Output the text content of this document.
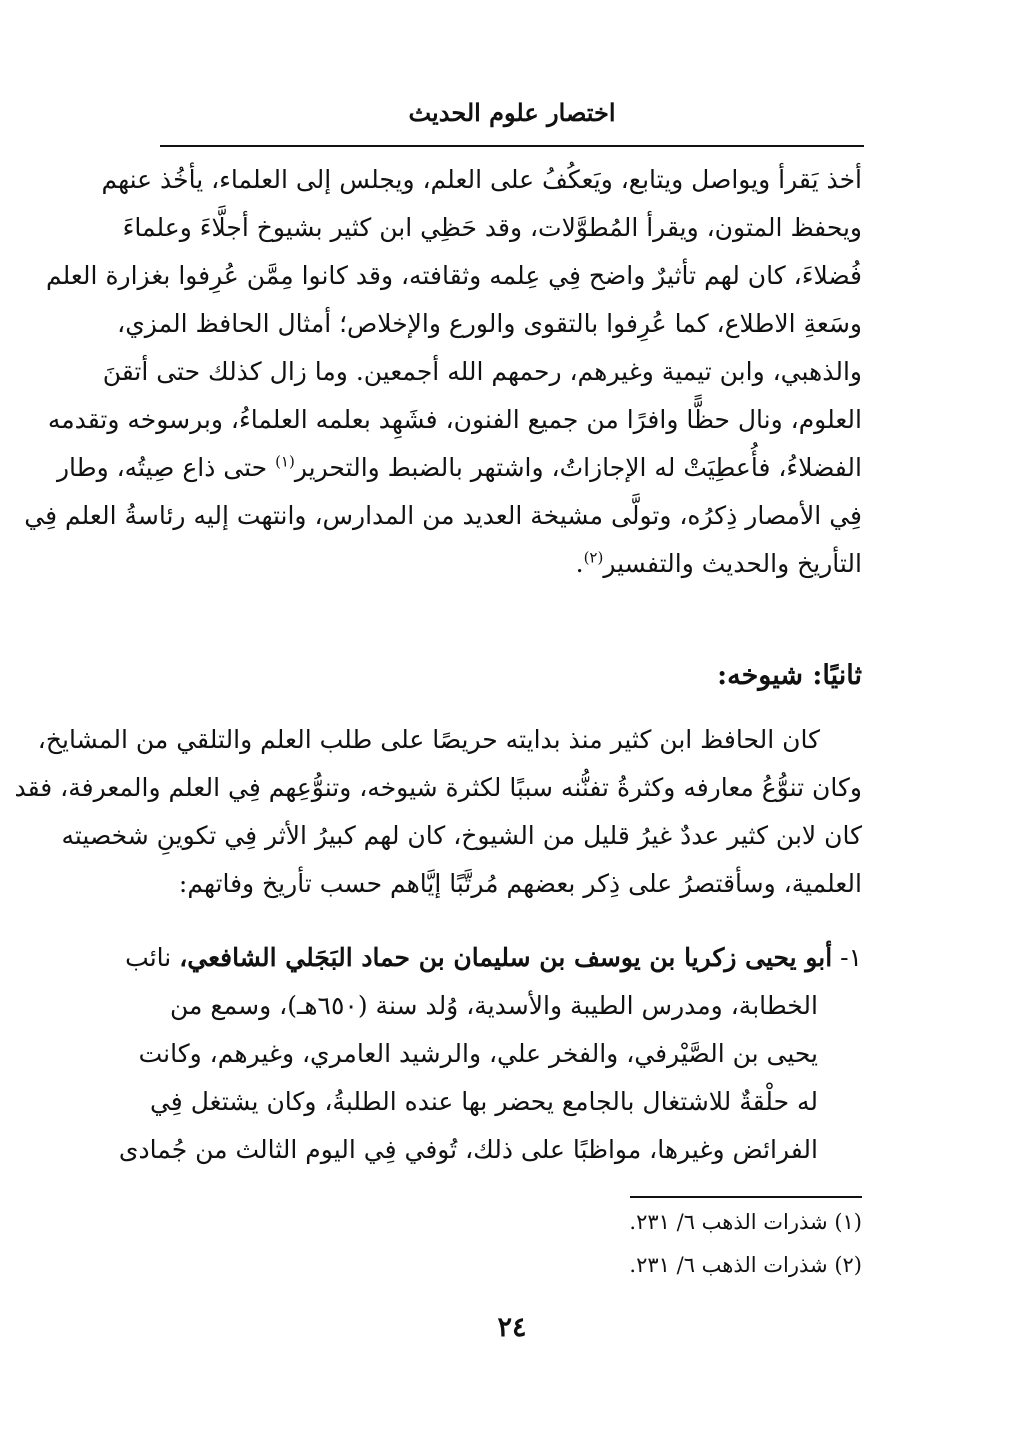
اختصار علوم الحديث
أخذ يَقرأ ويواصل ويتابع، ويَعكُفُ على العلم، ويجلس إلى العلماء، يأخُذ عنهم
ويحفظ المتون، ويقرأ المُطوَّلات، وقد حَظِي ابن كثير بشيوخ أجلَّاءَ وعلماءَ
فُضلاءَ، كان لهم تأثيرٌ واضح فِي عِلمه وثقافته، وقد كانوا مِمَّن عُرِفوا بغزارة العلم
وسَعةِ الاطلاع، كما عُرِفوا بالتقوى والورع والإخلاص؛ أمثال الحافظ المزي،
والذهبي، وابن تيمية وغيرهم، رحمهم الله أجمعين. وما زال كذلك حتى أتقنَ
العلوم، ونال حظًّا وافرًا من جميع الفنون، فشَهِد بعلمه العلماءُ، وبرسوخه وتقدمه
الفضلاءُ، فأُعطِيَتْ له الإجازاتُ، واشتهر بالضبط والتحرير$^{(١)}$ حتى ذاع صِيتُه، وطار
فِي الأمصار ذِكرُه، وتولَّى مشيخة العديد من المدارس، وانتهت إليه رئاسةُ العلم فِي
التأريخ والحديث والتفسير$^{(٢)}$.
ثانيًا: شيوخه:
كان الحافظ ابن كثير منذ بدايته حريصًا على طلب العلم والتلقي من المشايخ،
وكان تنوُّعُ معارفه وكثرةُ تفنُّنه سببًا لكثرة شيوخه، وتنوُّعِهم فِي العلم والمعرفة، فقد
كان لابن كثير عددٌ غيرُ قليل من الشيوخ، كان لهم كبيرُ الأثر فِي تكوينِ شخصيته
العلمية، وسأقتصرُ على ذِكر بعضهم مُرتَّبًا إيَّاهم حسب تأريخ وفاتهم:
١- أبو يحيى زكريا بن يوسف بن سليمان بن حماد البَجَلي الشافعي، نائب
الخطابة، ومدرس الطيبة والأسدية، وُلد سنة (٦٥٠هـ)، وسمع من
يحيى بن الصَّيْرفي، والفخر علي، والرشيد العامري، وغيرهم، وكانت
له حلْقةٌ للاشتغال بالجامع يحضر بها عنده الطلبةُ، وكان يشتغل فِي
الفرائض وغيرها، مواظبًا على ذلك، تُوفي فِي اليوم الثالث من جُمادى
(١) شذرات الذهب ٦/ ٢٣١.
(٢) شذرات الذهب ٦/ ٢٣١.
٢٤
